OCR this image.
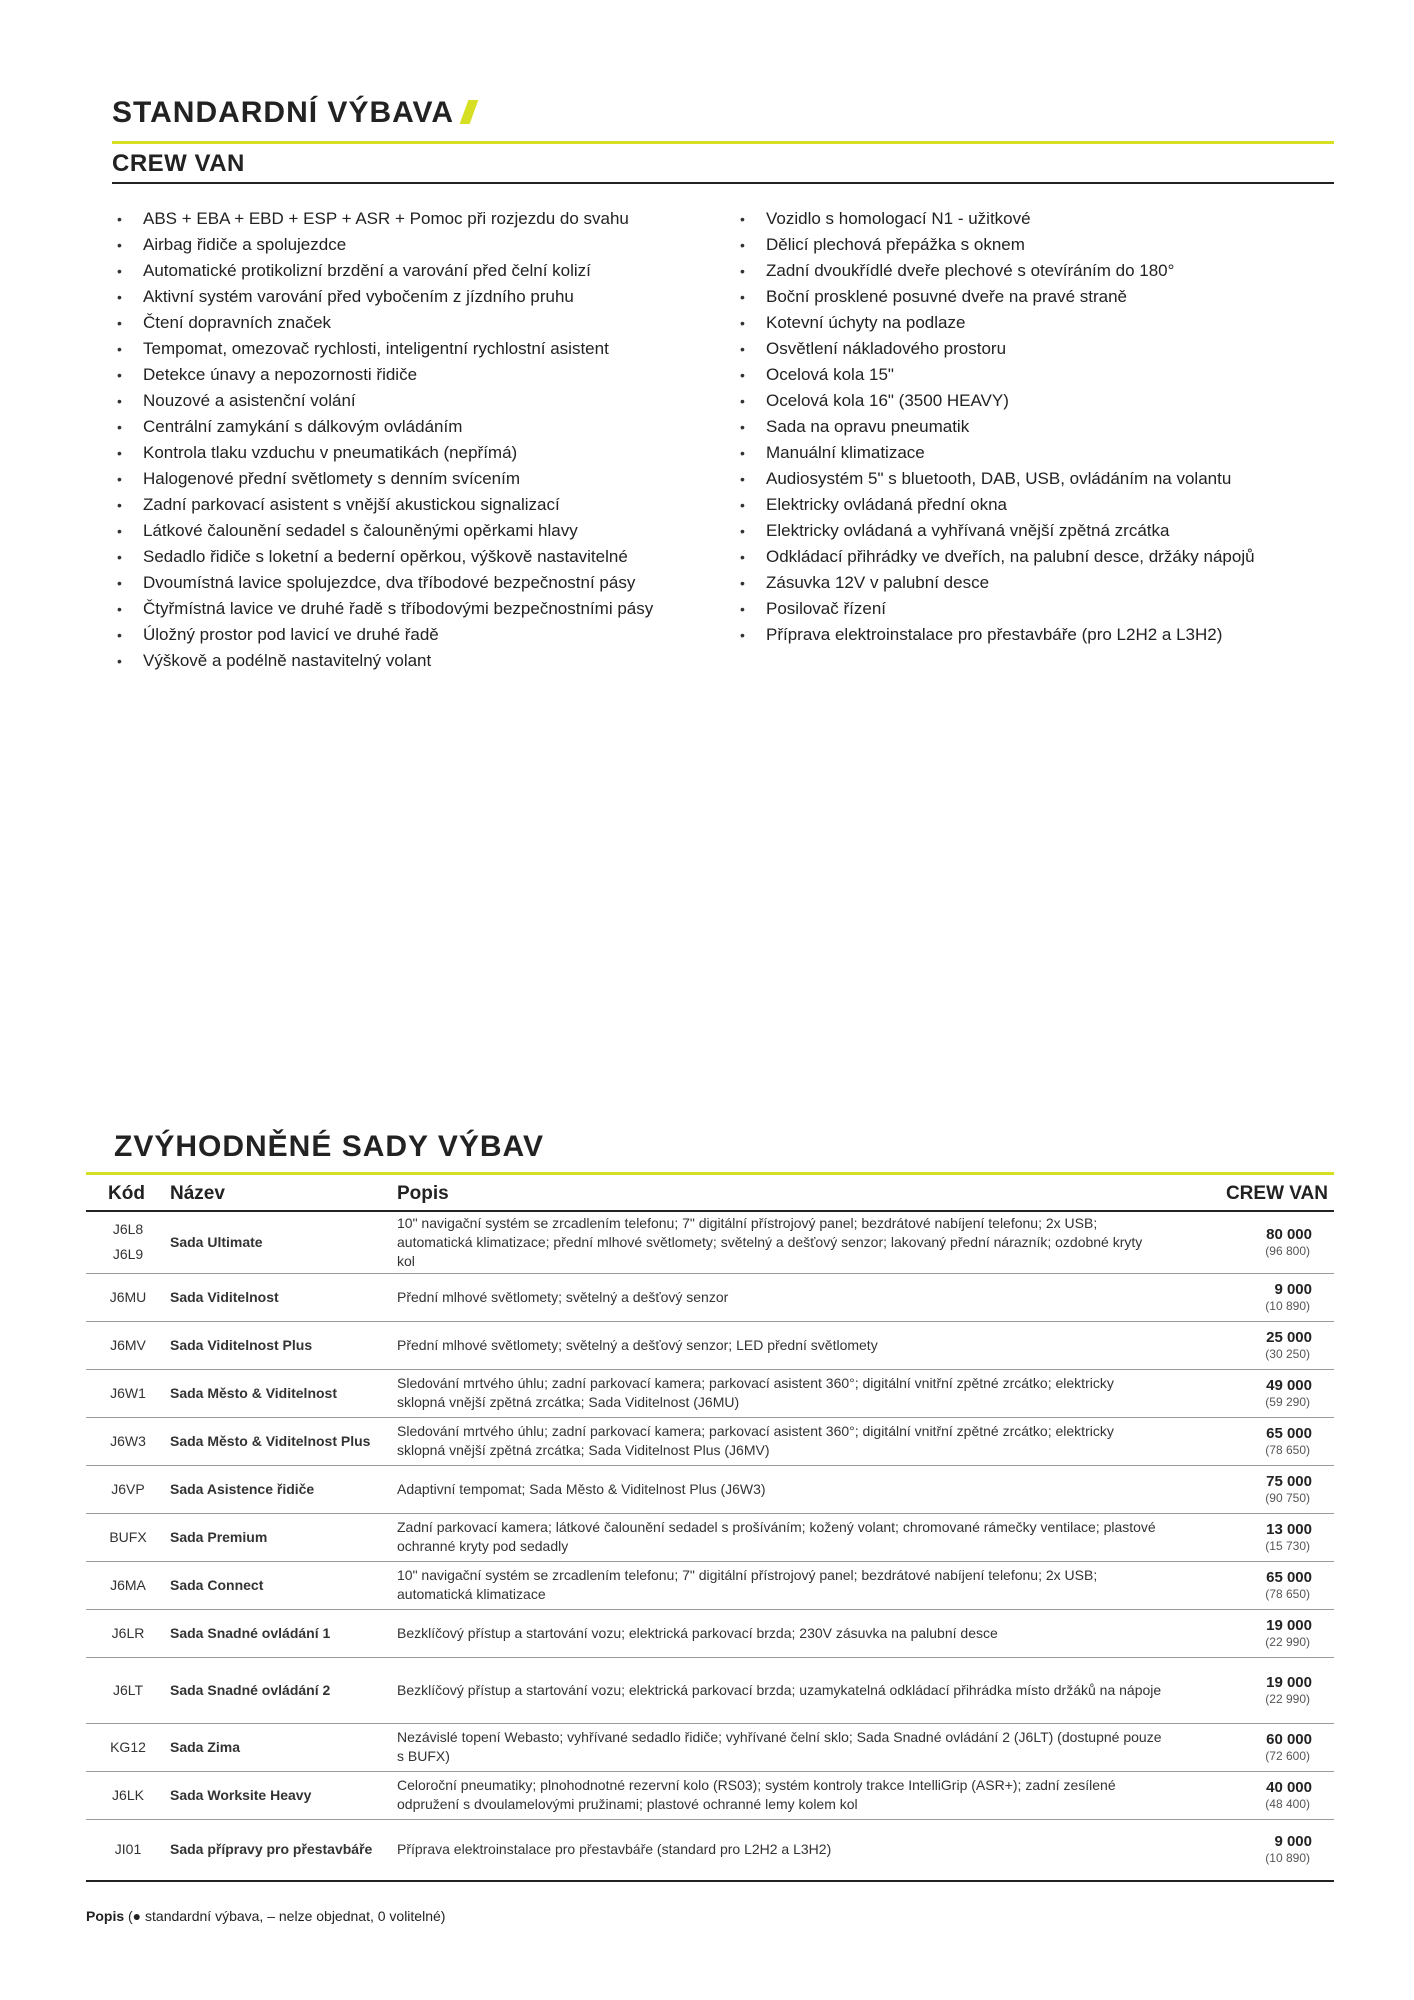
STANDARDNÍ VÝBAVA
CREW VAN
• ABS + EBA + EBD + ESP + ASR + Pomoc při rozjezdu do svahu
• Airbag řidiče a spolujezdce
• Automatické protikolizní brzdění a varování před čelní kolizí
• Aktivní systém varování před vybočením z jízdního pruhu
• Čtení dopravních značek
• Tempomat, omezovač rychlosti, inteligentní rychlostní asistent
• Detekce únavy a nepozornosti řidiče
• Nouzové a asistenční volání
• Centrální zamykání s dálkovým ovládáním
• Kontrola tlaku vzduchu v pneumatikách (nepřímá)
• Halogenové přední světlomety s denním svícením
• Zadní parkovací asistent s vnější akustickou signalizací
• Látkové čalounění sedadel s čalouněnými opěrkami hlavy
• Sedadlo řidiče s loketní a bederní opěrkou, výškově nastavitelné
• Dvoumístná lavice spolujezdce, dva tříbodové bezpečnostní pásy
• Čtyřmístná lavice ve druhé řadě s tříbodovými bezpečnostními pásy
• Úložný prostor pod lavicí ve druhé řadě
• Výškově a podélně nastavitelný volant
• Vozidlo s homologací N1 - užitkové
• Dělicí plechová přepážka s oknem
• Zadní dvoukřídlé dveře plechové s otevíráním do 180°
• Boční prosklené posuvné dveře na pravé straně
• Kotevní úchyty na podlaze
• Osvětlení nákladového prostoru
• Ocelová kola 15"
• Ocelová kola 16" (3500 HEAVY)
• Sada na opravu pneumatik
• Manuální klimatizace
• Audiosystém 5" s bluetooth, DAB, USB, ovládáním na volantu
• Elektricky ovládaná přední okna
• Elektricky ovládaná a vyhřívaná vnější zpětná zrcátka
• Odkládací přihrádky ve dveřích, na palubní desce, držáky nápojů
• Zásuvka 12V v palubní desce
• Posilovač řízení
• Příprava elektroinstalace pro přestavbáře (pro L2H2 a L3H2)
ZVÝHODNĚNÉ SADY VÝBAV
Kód	Název	Popis	CREW VAN

J6L8
J6L9	Sada Ultimate	10" navigační systém se zrcadlením telefonu; 7" digitální přístrojový panel; bezdrátové nabíjení telefonu; 2x USB; automatická klimatizace; přední mlhové světlomety; světelný a dešťový senzor; lakovaný přední nárazník; ozdobné kryty kol	80 000
(96 800)

J6MU	Sada Viditelnost	Přední mlhové světlomety; světelný a dešťový senzor	9 000
(10 890)

J6MV	Sada Viditelnost Plus	Přední mlhové světlomety; světelný a dešťový senzor; LED přední světlomety	25 000
(30 250)

J6W1	Sada Město & Viditelnost	Sledování mrtvého úhlu; zadní parkovací kamera; parkovací asistent 360°; digitální vnitřní zpětné zrcátko; elektricky sklopná vnější zpětná zrcátka; Sada Viditelnost (J6MU)	49 000
(59 290)

J6W3	Sada Město & Viditelnost Plus	Sledování mrtvého úhlu; zadní parkovací kamera; parkovací asistent 360°; digitální vnitřní zpětné zrcátko; elektricky sklopná vnější zpětná zrcátka; Sada Viditelnost Plus (J6MV)	65 000
(78 650)

J6VP	Sada Asistence řidiče	Adaptivní tempomat; Sada Město & Viditelnost Plus (J6W3)	75 000
(90 750)

BUFX	Sada Premium	Zadní parkovací kamera; látkové čalounění sedadel s prošíváním; kožený volant; chromované rámečky ventilace; plastové ochranné kryty pod sedadly	13 000
(15 730)

J6MA	Sada Connect	10" navigační systém se zrcadlením telefonu; 7" digitální přístrojový panel; bezdrátové nabíjení telefonu; 2x USB; automatická klimatizace	65 000
(78 650)

J6LR	Sada Snadné ovládání 1	Bezklíčový přístup a startování vozu; elektrická parkovací brzda; 230V zásuvka na palubní desce	19 000
(22 990)

J6LT	Sada Snadné ovládání 2	Bezklíčový přístup a startování vozu; elektrická parkovací brzda; uzamykatelná odkládací přihrádka místo držáků na nápoje	19 000
(22 990)

KG12	Sada Zima	Nezávislé topení Webasto; vyhřívané sedadlo řidiče; vyhřívané čelní sklo; Sada Snadné ovládání 2 (J6LT) (dostupné pouze s BUFX)	60 000
(72 600)

J6LK	Sada Worksite Heavy	Celoroční pneumatiky; plnohodnotné rezervní kolo (RS03); systém kontroly trakce IntelliGrip (ASR+); zadní zesílené odpružení s dvoulamelovými pružinami; plastové ochranné lemy kolem kol	40 000
(48 400)

JI01	Sada přípravy pro přestavbáře	Příprava elektroinstalace pro přestavbáře (standard pro L2H2 a L3H2)	9 000
(10 890)
Popis (● standardní výbava, – nelze objednat, 0 volitelné)
